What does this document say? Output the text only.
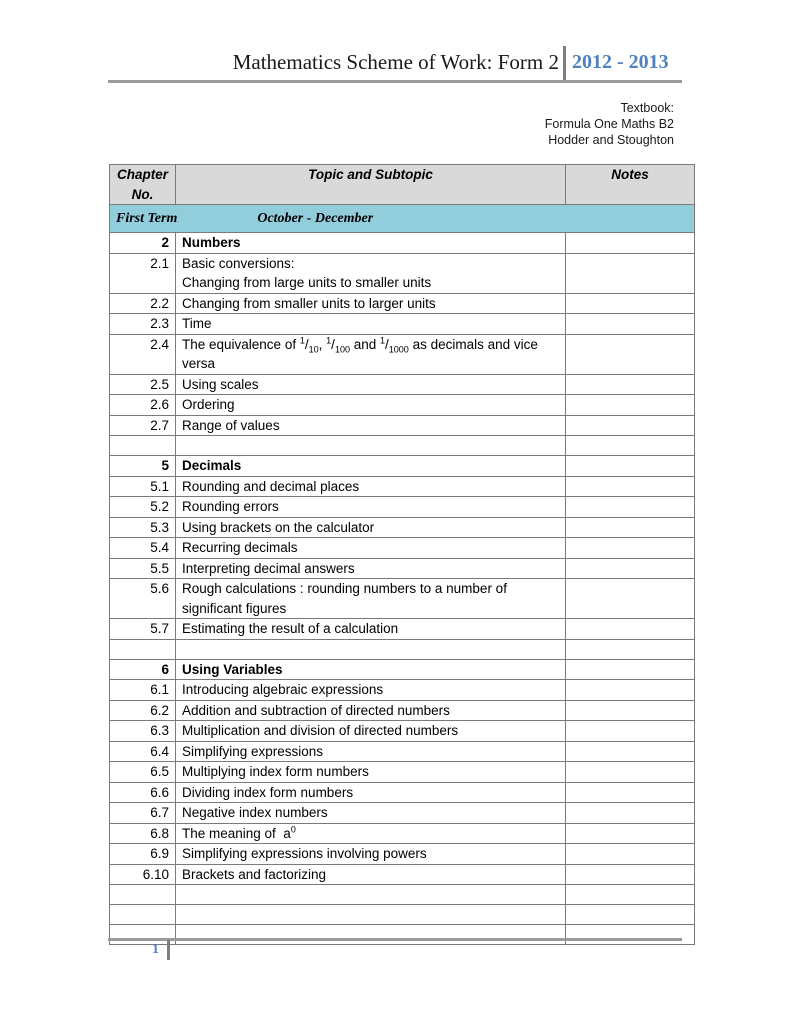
Mathematics Scheme of Work: Form 2 2012 - 2013
Textbook:
Formula One Maths B2
Hodder and Stoughton
Chapter No.	Topic and Subtopic	Notes
First Term October - December		
2	Numbers	

2.1	Basic conversions:
Changing from large units to smaller units	

2.2	Changing from smaller units to larger units	

2.3	Time	

2.4	The equivalence of $^1/_{10}$, $^1/_{100}$ and $^1/_{1000}$ as decimals and vice versa	
2.5	Using scales	

2.6	Ordering	

2.7	Range of values	

5	Decimals	

5.1	Rounding and decimal places	

5.2	Rounding errors	

5.3	Using brackets on the calculator	

5.4	Recurring decimals	

5.5	Interpreting decimal answers	

5.6	Rough calculations : rounding numbers to a number of significant figures	

5.7	Estimating the result of a calculation	

6	Using Variables	

6.1	Introducing algebraic expressions	

6.2	Addition and subtraction of directed numbers	

6.3	Multiplication and division of directed numbers	

6.4	Simplifying expressions	

6.5	Multiplying index form numbers	

6.6	Dividing index form numbers	

6.7	Negative index numbers	

6.8	The meaning of  $a^0$	
6.9	Simplifying expressions involving powers	

6.10	Brackets and factorizing	

1
